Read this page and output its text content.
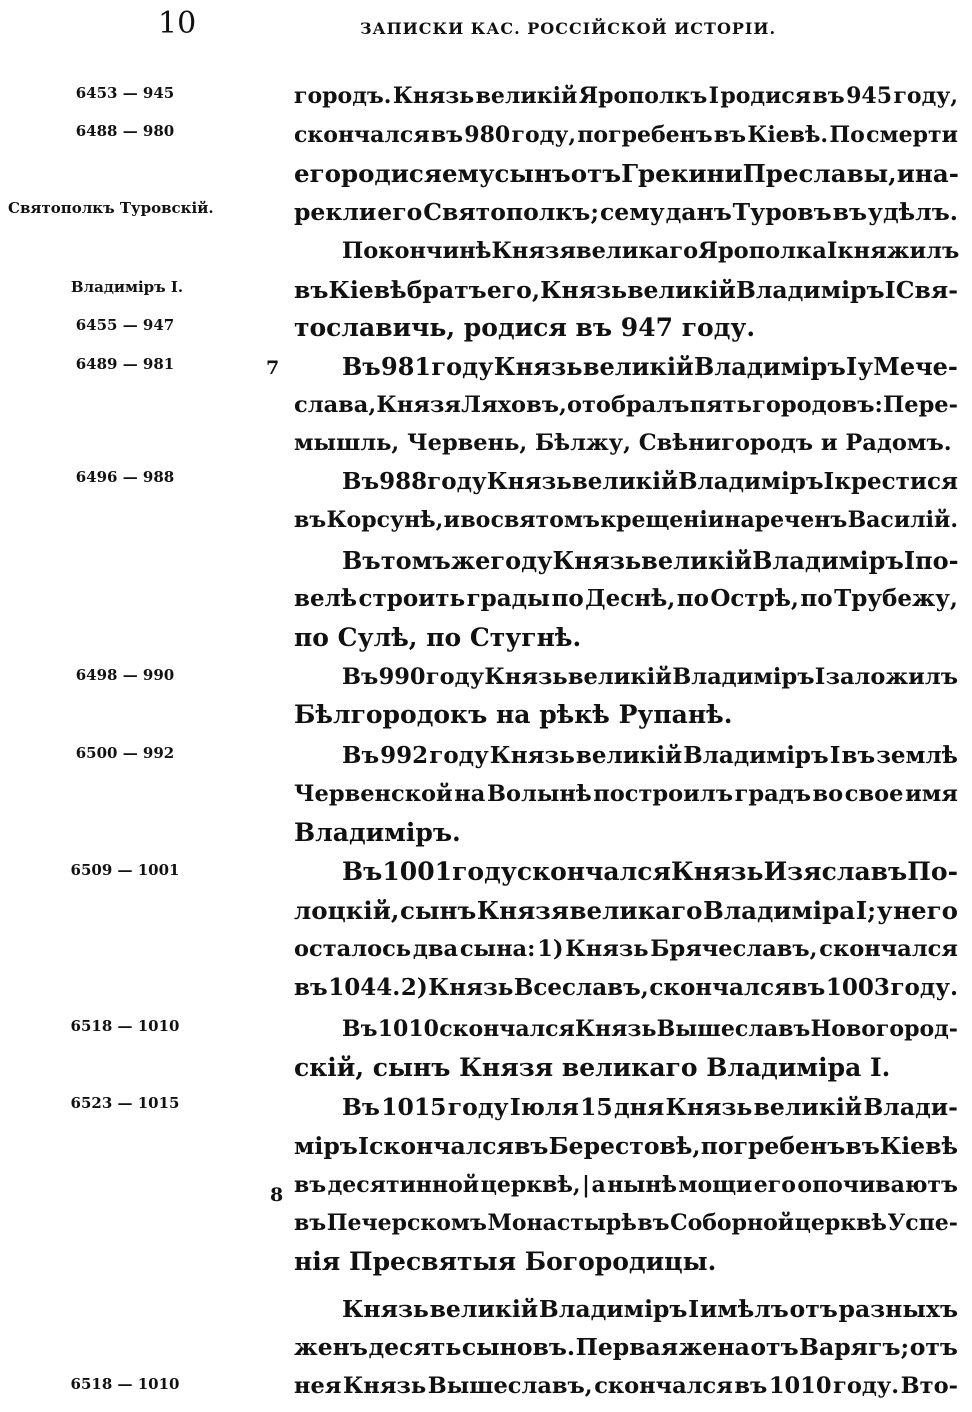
10	ЗАПИСКИ КАС. РОССІЙСКОЙ ИСТОРІИ.
6453 — 945
6488 — 980
Святополкъ Туровскій.
Владиміръ I.
6455 — 947
6489 — 981
6496 — 988
6498 — 990
6500 — 992
6509 — 1001
6518 — 1010
6523 — 1015
6518 — 1010
7
8
городъ. Князь великій Ярополкъ I родися въ 945 году,
скончался въ 980 году, погребенъ въ Кіевѣ. По смерти
его родися ему сынъ отъ Грекини Преславы, и на-
рекли его Святополкъ; сему данъ Туровъ въ удѣлъ.
По кончинѣ Князя великаго Ярополка I княжилъ
въ Кіевѣ братъ его, Князь великій Владиміръ I Свя-
тославичь, родися въ 947 году.
Въ 981 году Князь великій Владиміръ I у Мече-
слава, Князя Ляховъ, отобралъ пять городовъ: Пере-
мышль, Червень, Бѣлжу, Свѣнигородъ и Радомъ.
Въ 988 году Князь великій Владиміръ I крестися
въ Корсунѣ, и во святомъ крещеніи нареченъ Василій.
Въ томъ же году Князь великій Владиміръ I по-
велѣ строить грады по Деснѣ, по Острѣ, по Трубежу,
по Сулѣ, по Стугнѣ.
Въ 990 году Князь великій Владиміръ I заложилъ
Бѣлгородокъ на рѣкѣ Рупанѣ.
Въ 992 году Князь великій Владиміръ I въ землѣ
Червенской на Волынѣ построилъ градъ во свое имя
Владиміръ.
Въ 1001 году скончался Князь Изяславъ По-
лоцкій, сынъ Князя великаго Владиміра I; у него
осталось два сына: 1) Князь Брячеславъ, скончался
въ 1044. 2) Князь Всеславъ, скончался въ 1003 году.
Въ 1010 скончался Князь Вышеславъ Новогород-
скій, сынъ Князя великаго Владиміра I.
Въ 1015 году Іюля 15 дня Князь великій Влади-
міръ I скончался въ Берестовѣ, погребенъ въ Кіевѣ
въ десятинной церквѣ, | а нынѣ мощи его опочиваютъ
въ Печерскомъ Монастырѣ въ Соборной церквѣ Успе-
нія Пресвятыя Богородицы.
Князь великій Владиміръ I имѣлъ отъ разныхъ
женъ десять сыновъ. Первая жена отъ Варягъ; отъ
нея Князь Вышеславъ, скончался въ 1010 году. Вто-
